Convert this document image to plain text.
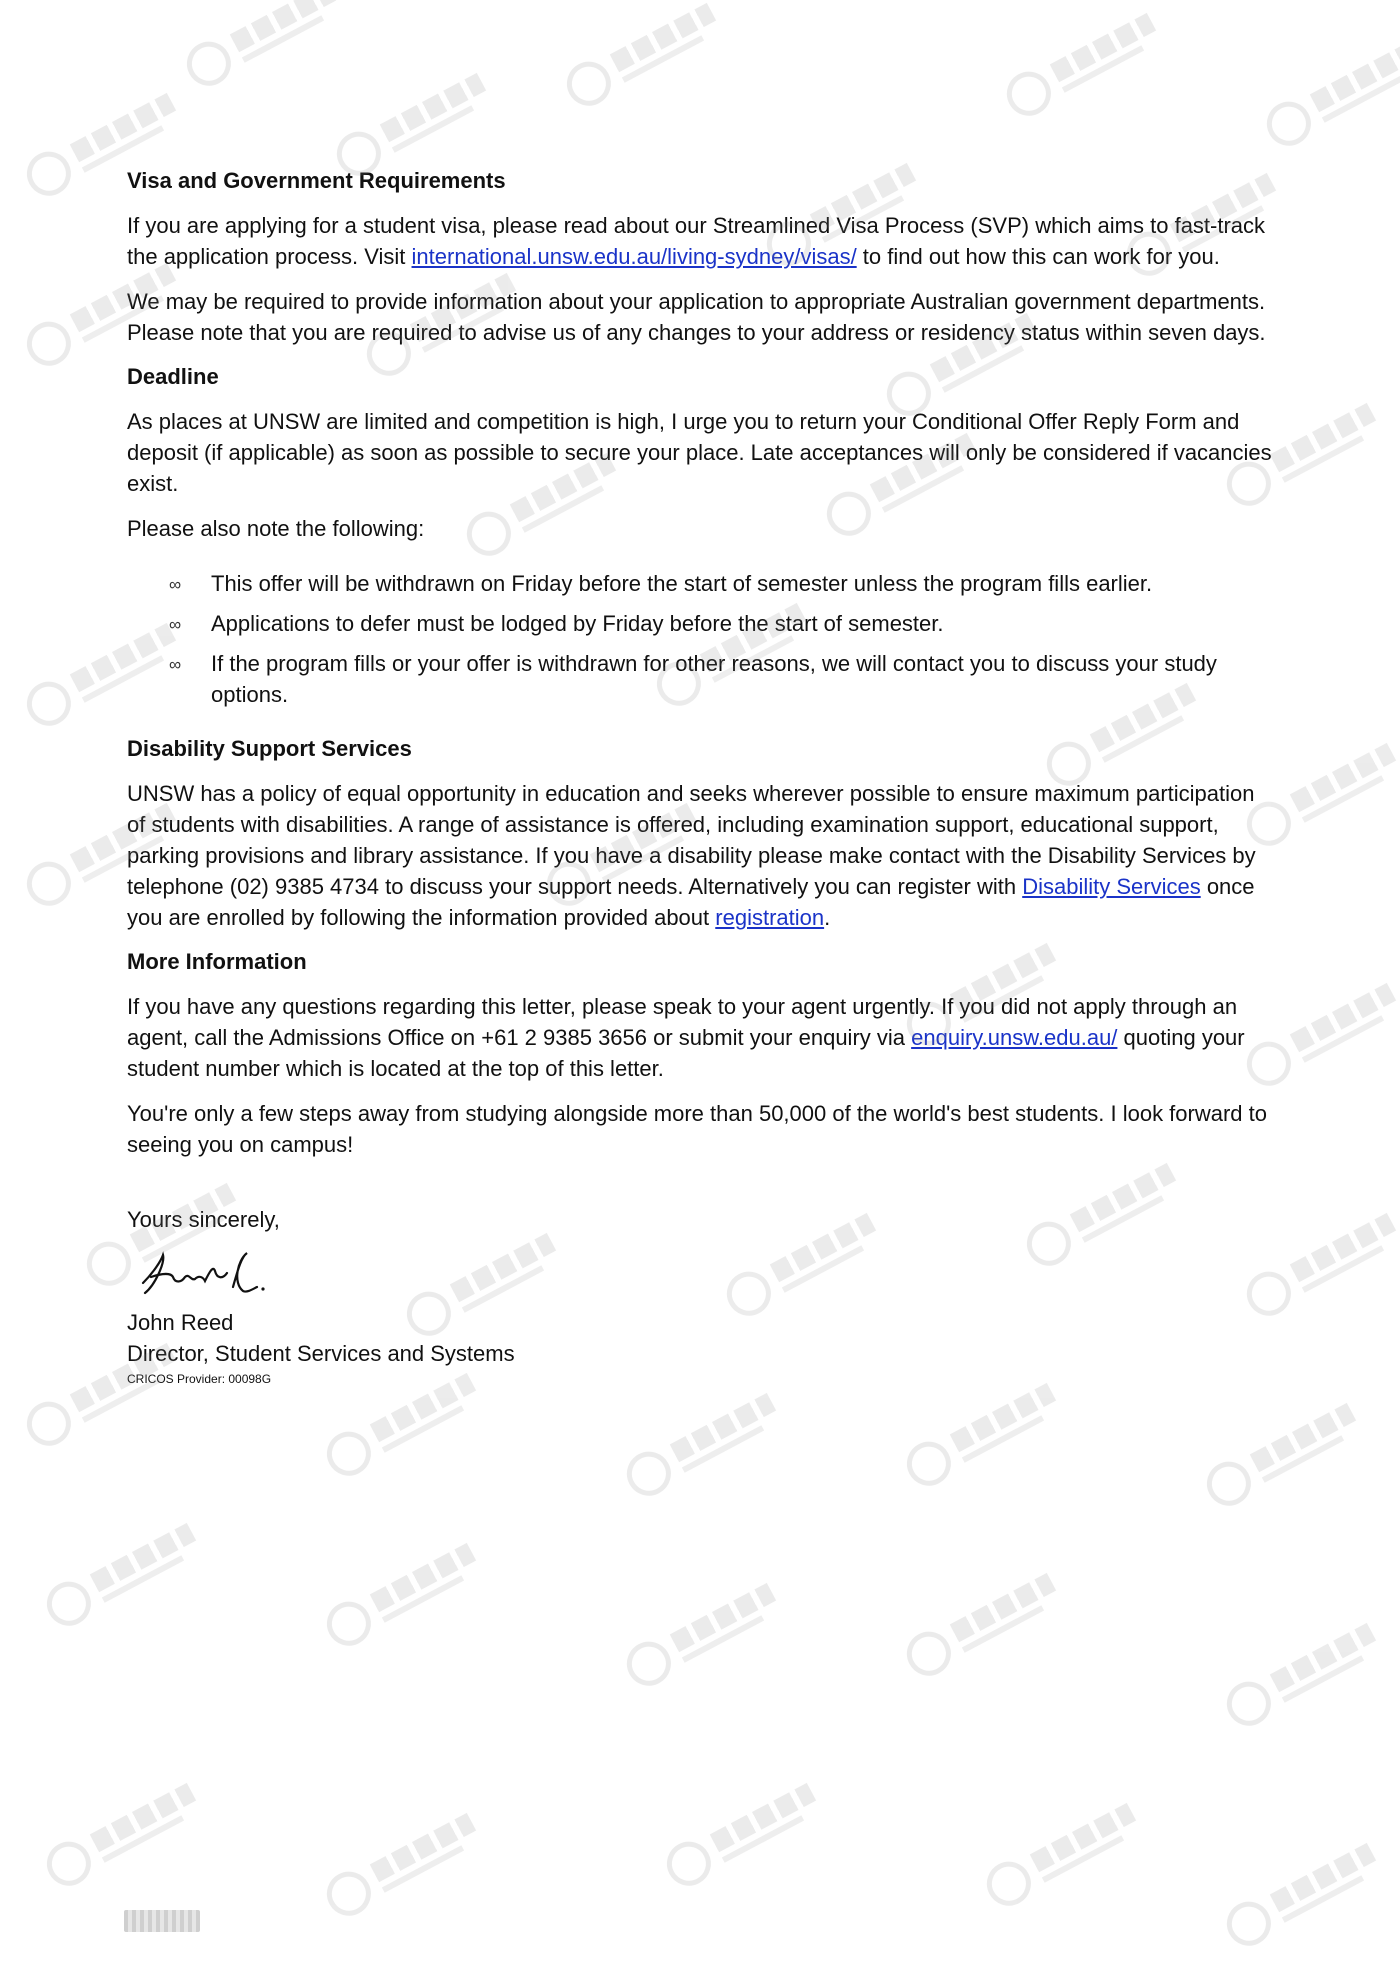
Visa and Government Requirements

If you are applying for a student visa, please read about our Streamlined Visa Process (SVP) which aims to fast-track the application process. Visit international.unsw.edu.au/living-sydney/visas/ to find out how this can work for you.

We may be required to provide information about your application to appropriate Australian government departments. Please note that you are required to advise us of any changes to your address or residency status within seven days.

Deadline

As places at UNSW are limited and competition is high, I urge you to return your Conditional Offer Reply Form and deposit (if applicable) as soon as possible to secure your place. Late acceptances will only be considered if vacancies exist.

Please also note the following:

∞ This offer will be withdrawn on Friday before the start of semester unless the program fills earlier.
∞ Applications to defer must be lodged by Friday before the start of semester.
∞ If the program fills or your offer is withdrawn for other reasons, we will contact you to discuss your study options.
Disability Support Services

UNSW has a policy of equal opportunity in education and seeks wherever possible to ensure maximum participation of students with disabilities. A range of assistance is offered, including examination support, educational support, parking provisions and library assistance. If you have a disability please make contact with the Disability Services by telephone (02) 9385 4734 to discuss your support needs. Alternatively you can register with Disability Services once you are enrolled by following the information provided about registration.

More Information

If you have any questions regarding this letter, please speak to your agent urgently. If you did not apply through an agent, call the Admissions Office on +61 2 9385 3656 or submit your enquiry via enquiry.unsw.edu.au/ quoting your student number which is located at the top of this letter.

You're only a few steps away from studying alongside more than 50,000 of the world's best students. I look forward to seeing you on campus!

Yours sincerely,

John Reed

Director, Student Services and Systems

CRICOS Provider: 00098G
